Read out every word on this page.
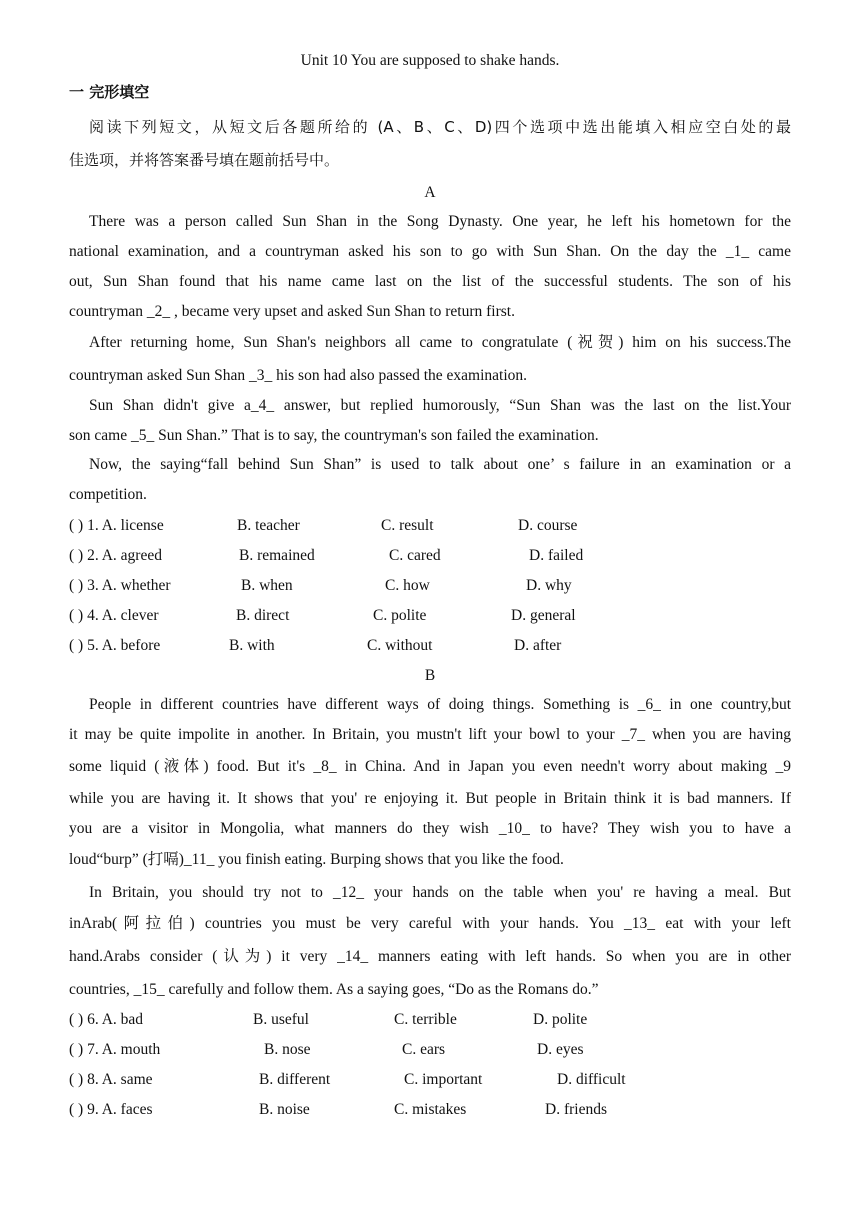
Unit 10 You are supposed to shake hands.
一 完形填空
阅读下列短文，从短文后各题所给的 (A、B、C、D)四个选项中选出能填入相应空白处的最
佳选项，并将答案番号填在题前括号中。
A
There was a person called Sun Shan in the Song Dynasty. One year, he left his hometown for the
national examination, and a countryman asked his son to go with Sun Shan. On the day the _1_ came
out, Sun Shan found that his name came last on the list of the successful students. The son of his
countryman _2_ , became very upset and asked Sun Shan to return first.
After returning home, Sun Shan's neighbors all came to congratulate (祝贺) him on his success.The
countryman asked Sun Shan _3_ his son had also passed the examination.
Sun Shan didn't give a_4_ answer, but replied humorously, “Sun Shan was the last on the list.Your
son came _5_ Sun Shan.” That is to say, the countryman's son failed the examination.
Now, the saying“fall behind Sun Shan” is used to talk about one’ s failure in an examination or a
competition.
( ) 1. A. license	B. teacher	C. result	D. course
( ) 2. A. agreed	B. remained	C. cared	D. failed
( ) 3. A. whether	B. when	C. how	D. why
( ) 4. A. clever	B. direct	C. polite	D. general
( ) 5. A. before	B. with	C. without	D. after
B
People in different countries have different ways of doing things. Something is _6_ in one country,but
it may be quite impolite in another. In Britain, you mustn't lift your bowl to your _7_ when you are having
some liquid (液体) food. But it's _8_ in China. And in Japan you even needn't worry about making _9
while you are having it. It shows that you' re enjoying it. But people in Britain think it is bad manners. If
you are a visitor in Mongolia, what manners do they wish _10_ to have? They wish you to have a
loud“burp” (打嗝)_11_ you finish eating. Burping shows that you like the food.
In Britain, you should try not to _12_ your hands on the table when you' re having a meal. But
inArab(阿拉伯) countries you must be very careful with your hands. You _13_ eat with your left
hand.Arabs consider (认为) it very _14_ manners eating with left hands. So when you are in other
countries, _15_ carefully and follow them. As a saying goes, “Do as the Romans do.”
( ) 6. A. bad	B. useful	C. terrible	D. polite
( ) 7. A. mouth	B. nose	C. ears	D. eyes
( ) 8. A. same	B. different	C. important	D. difficult
( ) 9. A. faces	B. noise	C. mistakes	D. friends
